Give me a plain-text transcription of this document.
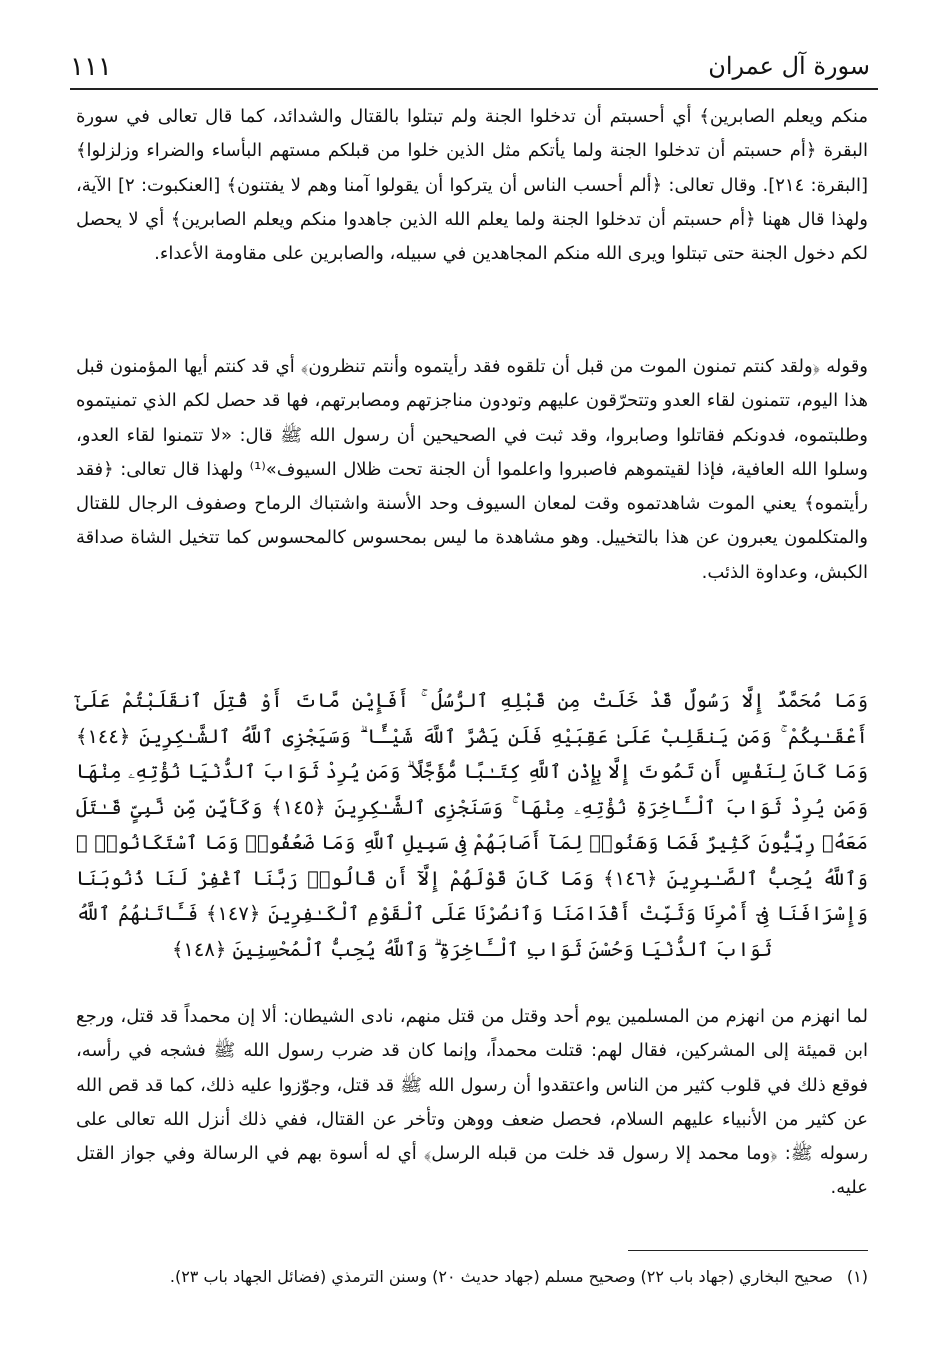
سورة آل عمران
١١١

منكم ويعلم الصابرين﴾ أي أحسبتم أن تدخلوا الجنة ولم تبتلوا بالقتال والشدائد، كما قال تعالى في سورة البقرة ﴿أم حسبتم أن تدخلوا الجنة ولما يأتكم مثل الذين خلوا من قبلكم مستهم البأساء والضراء وزلزلوا﴾ [البقرة: ٢١٤]. وقال تعالى: ﴿ألم أحسب الناس أن يتركوا أن يقولوا آمنا وهم لا يفتنون﴾ [العنكبوت: ٢] الآية، ولهذا قال ههنا ﴿أم حسبتم أن تدخلوا الجنة ولما يعلم الله الذين جاهدوا منكم ويعلم الصابرين﴾ أي لا يحصل لكم دخول الجنة حتى تبتلوا ويرى الله منكم المجاهدين في سبيله، والصابرين على مقاومة الأعداء.

وقوله ﴿ولقد كنتم تمنون الموت من قبل أن تلقوه فقد رأيتموه وأنتم تنظرون﴾ أي قد كنتم أيها المؤمنون قبل هذا اليوم، تتمنون لقاء العدو وتتحرّقون عليهم وتودون مناجزتهم ومصابرتهم، فها قد حصل لكم الذي تمنيتموه وطلبتموه، فدونكم فقاتلوا وصابروا، وقد ثبت في الصحيحين أن رسول الله ﷺ قال: «لا تتمنوا لقاء العدو، وسلوا الله العافية، فإذا لقيتموهم فاصبروا واعلموا أن الجنة تحت ظلال السيوف»⁽¹⁾ ولهذا قال تعالى: ﴿فقد رأيتموه﴾ يعني الموت شاهدتموه وقت لمعان السيوف وحد الأسنة واشتباك الرماح وصفوف الرجال للقتال والمتكلمون يعبرون عن هذا بالتخييل. وهو مشاهدة ما ليس بمحسوس كالمحسوس كما تتخيل الشاة صداقة الكبش، وعداوة الذئب.

وَمَا مُحَمَّدٌ إِلَّا رَسُولٌ قَدْ خَلَتْ مِن قَبْلِهِ ٱلرُّسُلُ ۚ أَفَإِيْن مَّاتَ أَوْ قُتِلَ ٱنقَلَبْتُمْ عَلَىٰٓ أَعْقَـٰبِكُمْ ۚ وَمَن يَنقَلِبْ عَلَىٰ عَقِبَيْهِ فَلَن يَضُرَّ ٱللَّهَ شَيْـًٔا ۗ وَسَيَجْزِى ٱللَّهُ ٱلشَّـٰكِرِينَ ﴿١٤٤﴾ وَمَا كَانَ لِنَفْسٍ أَن تَمُوتَ إِلَّا بِإِذْنِ ٱللَّهِ كِتَـٰبًا مُّؤَجَّلًا ۗ وَمَن يُرِدْ ثَوَابَ ٱلدُّنْيَا نُؤْتِهِۦ مِنْهَا وَمَن يُرِدْ ثَوَابَ ٱلْـَٔاخِرَةِ نُؤْتِهِۦ مِنْهَا ۚ وَسَنَجْزِى ٱلشَّـٰكِرِينَ ﴿١٤٥﴾ وَكَأَيِّن مِّن نَّبِىٍّ قَـٰتَلَ مَعَهُۥ رِبِّيُّونَ كَثِيرٌ فَمَا وَهَنُوا۟ لِمَآ أَصَابَهُمْ فِى سَبِيلِ ٱللَّهِ وَمَا ضَعُفُوا۟ وَمَا ٱسْتَكَانُوا۟ ۗ وَٱللَّهُ يُحِبُّ ٱلصَّـٰبِرِينَ ﴿١٤٦﴾ وَمَا كَانَ قَوْلَهُمْ إِلَّآ أَن قَالُوا۟ رَبَّنَا ٱغْفِرْ لَنَا ذُنُوبَنَا وَإِسْرَافَنَا فِىٓ أَمْرِنَا وَثَبِّتْ أَقْدَامَنَا وَٱنصُرْنَا عَلَى ٱلْقَوْمِ ٱلْكَـٰفِرِينَ ﴿١٤٧﴾ فَـَٔاتَىٰهُمُ ٱللَّهُ ثَوَابَ ٱلدُّنْيَا وَحُسْنَ ثَوَابِ ٱلْـَٔاخِرَةِ ۗ وَٱللَّهُ يُحِبُّ ٱلْمُحْسِنِينَ ﴿١٤٨﴾

لما انهزم من انهزم من المسلمين يوم أحد وقتل من قتل منهم، نادى الشيطان: ألا إن محمداً قد قتل، ورجع ابن قميئة إلى المشركين، فقال لهم: قتلت محمداً، وإنما كان قد ضرب رسول الله ﷺ فشجه في رأسه، فوقع ذلك في قلوب كثير من الناس واعتقدوا أن رسول الله ﷺ قد قتل، وجوّزوا عليه ذلك، كما قد قص الله عن كثير من الأنبياء عليهم السلام، فحصل ضعف ووهن وتأخر عن القتال، ففي ذلك أنزل الله تعالى على رسوله ﷺ: ﴿وما محمد إلا رسول قد خلت من قبله الرسل﴾ أي له أسوة بهم في الرسالة وفي جواز القتل عليه.

(١)صحيح البخاري (جهاد باب ٢٢) وصحيح مسلم (جهاد حديث ٢٠) وسنن الترمذي (فضائل الجهاد باب ٢٣).
